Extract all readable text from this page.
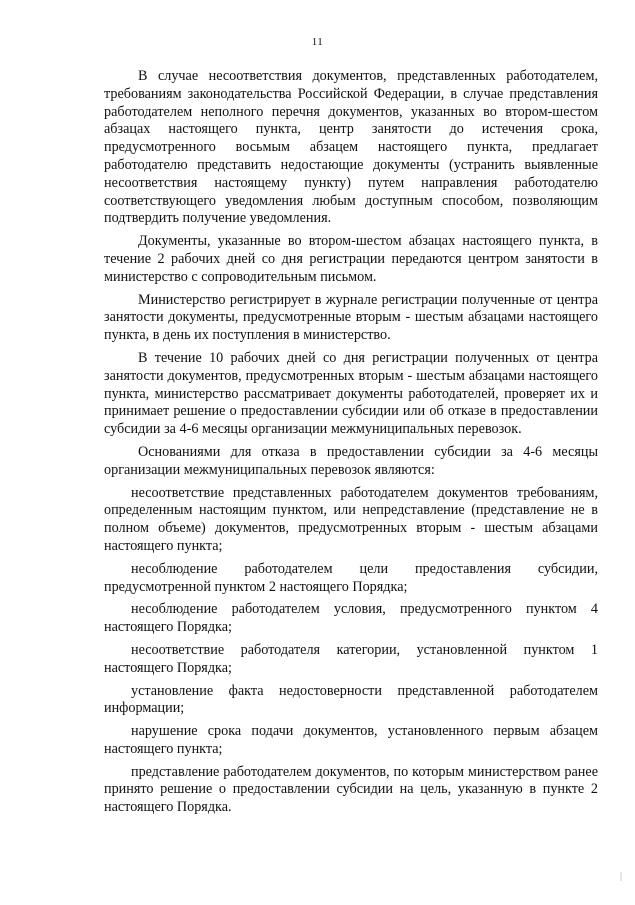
11

В случае несоответствия документов, представленных работодателем, требованиям законодательства Российской Федерации, в случае представления работодателем неполного перечня документов, указанных во втором-шестом абзацах настоящего пункта, центр занятости до истечения срока, предусмотренного восьмым абзацем настоящего пункта, предлагает работодателю представить недостающие документы (устранить выявленные несоответствия настоящему пункту) путем направления работодателю соответствующего уведомления любым доступным способом, позволяющим подтвердить получение уведомления.

Документы, указанные во втором-шестом абзацах настоящего пункта, в течение 2 рабочих дней со дня регистрации передаются центром занятости в министерство с сопроводительным письмом.

Министерство регистрирует в журнале регистрации полученные от центра занятости документы, предусмотренные вторым - шестым абзацами настоящего пункта, в день их поступления в министерство.

В течение 10 рабочих дней со дня регистрации полученных от центра занятости документов, предусмотренных вторым - шестым абзацами настоящего пункта, министерство рассматривает документы работодателей, проверяет их и принимает решение о предоставлении субсидии или об отказе в предоставлении субсидии за 4-6 месяцы организации межмуниципальных перевозок.

Основаниями для отказа в предоставлении субсидии за 4-6 месяцы организации межмуниципальных перевозок являются:

несоответствие представленных работодателем документов требованиям, определенным настоящим пунктом, или непредставление (представление не в полном объеме) документов, предусмотренных вторым - шестым абзацами настоящего пункта;

несоблюдение работодателем цели предоставления субсидии, предусмотренной пунктом 2 настоящего Порядка;

несоблюдение работодателем условия, предусмотренного пунктом 4 настоящего Порядка;

несоответствие работодателя категории, установленной пунктом 1 настоящего Порядка;

установление факта недостоверности представленной работодателем информации;

нарушение срока подачи документов, установленного первым абзацем настоящего пункта;

представление работодателем документов, по которым министерством ранее принято решение о предоставлении субсидии на цель, указанную в пункте 2 настоящего Порядка.
